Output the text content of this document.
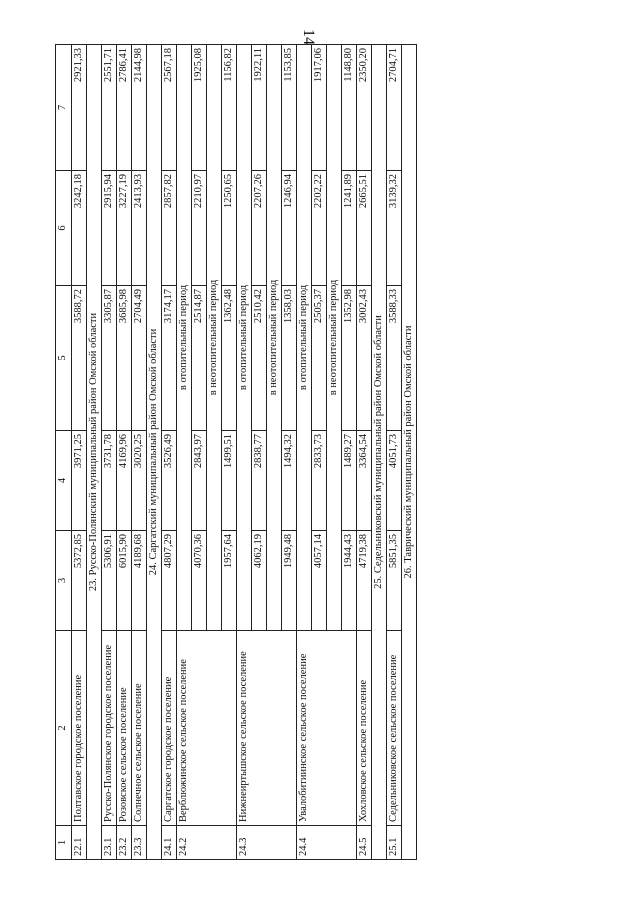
14
1	2	3	4	5	6	7
22.1	Полтавское городское поселение	5372,85	3971,25	3588,72	3242,18	2921,33
23. Русско-Полянский муниципальный район Омской области						
23.1	Русско-Полянское городское поселение	5306,91	3731,78	3305,87	2915,94	2551,71
23.2	Розовское сельское поселение	6015,90	4169,96	3685,98	3227,19	2786,41
23.3	Солнечное сельское поселение	4189,68	3020,25	2704,49	2413,93	2144,98
24. Саргатский муниципальный район Омской области						
24.1	Саргатское городское поселение	4807,29	3526,49	3174,17	2857,82	2567,18
24.2	Верблюжинское сельское поселение	в отопительный период				
		4070,36	2843,97	2514,87	2210,97	1925,08
		в неотопительный период				
		1957,64	1499,51	1362,48	1250,65	1156,82
24.3	Нижнеиртышское сельское поселение	в отопительный период				
		4062,19	2838,77	2510,42	2207,26	1922,11
		в неотопительный период				
		1949,48	1494,32	1358,03	1246,94	1153,85
24.4	Увалобитиинское сельское поселение	в отопительный период				
		4057,14	2833,73	2505,37	2202,22	1917,06
		в неотопительный период				
		1944,43	1489,27	1352,98	1241,89	1148,80
24.5	Хохловское сельское поселение	4719,38	3364,54	3002,43	2665,51	2350,20
25. Седельниковский муниципальный район Омской области						
25.1	Седельниковское сельское поселение	5851,35	4051,73	3588,33	3139,32	2704,71
26. Таврический муниципальный район Омской области						
